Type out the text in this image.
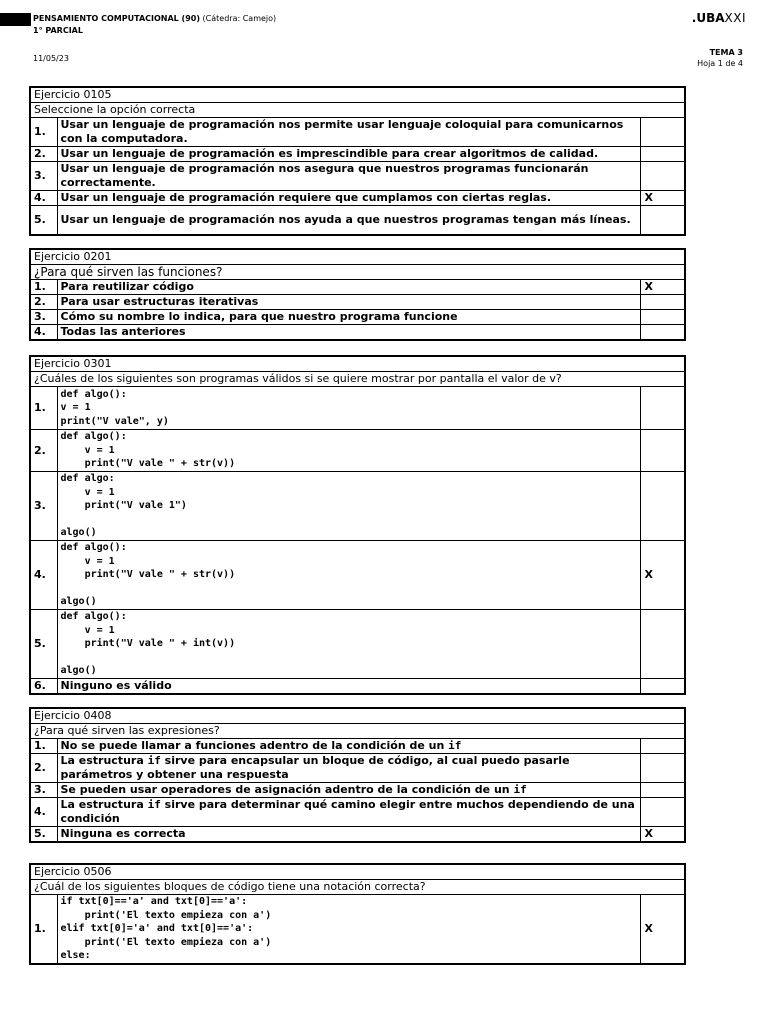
PENSAMIENTO COMPUTACIONAL (90) (Cátedra: Camejo)
1° PARCIAL
11/05/23
.UBAXXI
TEMA 3
Hoja 1 de 4
Ejercicio 0105		
Seleccione la opción correcta		
1.	Usar un lenguaje de programación nos permite usar lenguaje coloquial para comunicarnos con la computadora.	
2.	Usar un lenguaje de programación es imprescindible para crear algoritmos de calidad.	
3.	Usar un lenguaje de programación nos asegura que nuestros programas funcionarán correctamente.	
4.	Usar un lenguaje de programación requiere que cumplamos con ciertas reglas.	X
5.	Usar un lenguaje de programación nos ayuda a que nuestros programas tengan más líneas.	
Ejercicio 0201		
¿Para qué sirven las funciones?		
1.	Para reutilizar código	X
2.	Para usar estructuras iterativas	
3.	Cómo su nombre lo indica, para que nuestro programa funcione	
4.	Todas las anteriores	
Ejercicio 0301		
¿Cuáles de los siguientes son programas válidos si se quiere mostrar por pantalla el valor de v?		
1.	def algo():
v = 1
print("V vale", y)	

2.	def algo():
v = 1
print("V vale " + str(v))	

3.	def algo:
v = 1
print("V vale 1")

algo()	

4.	def algo():
v = 1
print("V vale " + str(v))

algo()	X
5.	def algo():
v = 1
print("V vale " + int(v))

algo()	

6.	Ninguno es válido	
Ejercicio 0408		
¿Para qué sirven las expresiones?		
1.	No se puede llamar a funciones adentro de la condición de un if	
2.	La estructura if sirve para encapsular un bloque de código, al cual puedo pasarle parámetros y obtener una respuesta	
3.	Se pueden usar operadores de asignación adentro de la condición de un if	
4.	La estructura if sirve para determinar qué camino elegir entre muchos dependiendo de una condición	
5.	Ninguna es correcta	X
Ejercicio 0506
¿Cuál de los siguientes bloques de código tiene una notación correcta?
1.	
if txt[0]=='a' and txt[0]=='a':
print('El texto empieza con a')
elif txt[0]='a' and txt[0]=='a':
print('El texto empieza con a')
else:
	X
